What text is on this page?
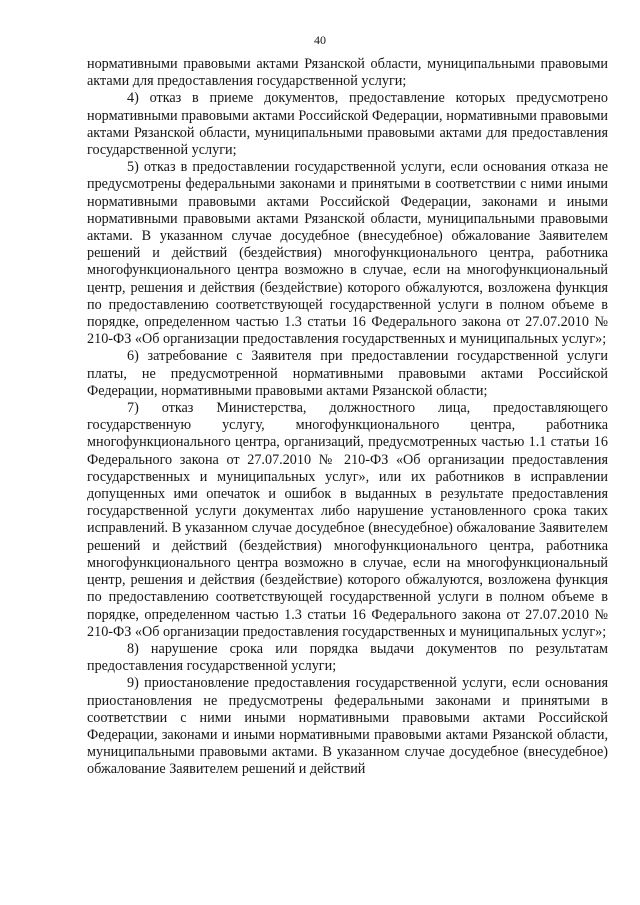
40

нормативными правовыми актами Рязанской области, муниципальными правовыми актами для предоставления государственной услуги;

4) отказ в приеме документов, предоставление которых предусмотрено нормативными правовыми актами Российской Федерации, нормативными правовыми актами Рязанской области, муниципальными правовыми актами для предоставления государственной услуги;

5) отказ в предоставлении государственной услуги, если основания отказа не предусмотрены федеральными законами и принятыми в соответствии с ними иными нормативными правовыми актами Российской Федерации, законами и иными нормативными правовыми актами Рязанской области, муниципальными правовыми актами. В указанном случае досудебное (внесудебное) обжалование Заявителем решений и действий (бездействия) многофункционального центра, работника многофункционального центра возможно в случае, если на многофункциональный центр, решения и действия (бездействие) которого обжалуются, возложена функция по предоставлению соответствующей государственной услуги в полном объеме в порядке, определенном частью 1.3 статьи 16 Федерального закона от 27.07.2010 № 210-ФЗ «Об организации предоставления государственных и муниципальных услуг»;

6) затребование с Заявителя при предоставлении государственной услуги платы, не предусмотренной нормативными правовыми актами Российской Федерации, нормативными правовыми актами Рязанской области;

7) отказ Министерства, должностного лица, предоставляющего государственную услугу, многофункционального центра, работника многофункционального центра, организаций, предусмотренных частью 1.1 статьи 16 Федерального закона от 27.07.2010 № 210-ФЗ «Об организации предоставления государственных и муниципальных услуг», или их работников в исправлении допущенных ими опечаток и ошибок в выданных в результате предоставления государственной услуги документах либо нарушение установленного срока таких исправлений. В указанном случае досудебное (внесудебное) обжалование Заявителем решений и действий (бездействия) многофункционального центра, работника многофункционального центра возможно в случае, если на многофункциональный центр, решения и действия (бездействие) которого обжалуются, возложена функция по предоставлению соответствующей государственной услуги в полном объеме в порядке, определенном частью 1.3 статьи 16 Федерального закона от 27.07.2010 № 210-ФЗ «Об организации предоставления государственных и муниципальных услуг»;

8) нарушение срока или порядка выдачи документов по результатам предоставления государственной услуги;

9) приостановление предоставления государственной услуги, если основания приостановления не предусмотрены федеральными законами и принятыми в соответствии с ними иными нормативными правовыми актами Российской Федерации, законами и иными нормативными правовыми актами Рязанской области, муниципальными правовыми актами. В указанном случае досудебное (внесудебное) обжалование Заявителем решений и действий
